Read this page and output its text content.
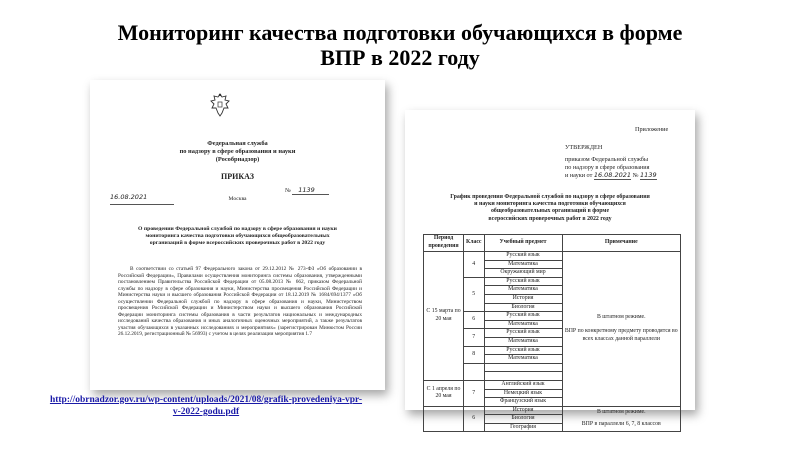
Мониторинг качества подготовки обучающихся в форме
ВПР в 2022 году
Федеральная служба
по надзору в сфере образования и науки
(Рособрнадзор)
ПРИКАЗ
16.08.2021
№ 1139
Москва
О проведении Федеральной службой по надзору в сфере образования и науки
мониторинга качества подготовки обучающихся общеобразовательных
организаций в форме всероссийских проверочных работ в 2022 году
В соответствии со статьей 97 Федерального закона от 29.12.2012 № 273-ФЗ «Об образовании в Российской Федерации», Правилами осуществления мониторинга системы образования, утвержденными постановлением Правительства Российской Федерации от 05.08.2013 № 662, приказом Федеральной службы по надзору в сфере образования и науки, Министерства просвещения Российской Федерации и Министерства науки и высшего образования Российской Федерации от 18.12.2019 № 1684/694/1377 «Об осуществлении Федеральной службой по надзору в сфере образования и науки, Министерством просвещения Российской Федерации и Министерством науки и высшего образования Российской Федерации мониторинга системы образования в части результатов национальных и международных исследований качества образования и иных аналогичных оценочных мероприятий, а также результатов участия обучающихся в указанных исследованиях и мероприятиях» (зарегистрирован Минюстом России 26.12.2019, регистрационный № 56993) с учетом в целях реализации мероприятия 1.7
Приложение
УТВЕРЖДЕН
приказом Федеральной службы
по надзору в сфере образования
и науки от 16.08.2021 № 1139
График проведения Федеральной службой по надзору в сфере образования
и науки мониторинга качества подготовки обучающихся
общеобразовательных организаций в форме
всероссийских проверочных работ в 2022 году
Период проведения	Класс	Учебный предмет	Примечание
С 15 марта по 20 мая	4	Русский язык	В штатном режиме.
ВПР по конкретному предмету проводятся во всех классах данной параллели

		Математика	
		Окружающий мир	
	5	Русский язык	
		Математика	
		История	
		Биология	
	6	Русский язык	
		Математика	
	7	Русский язык	
		Математика	
	8	Русский язык	
		Математика	

С 1 апреля по 20 мая	7	Английский язык	
		Немецкий язык	
		Французский язык	
	6	История	В штатном режиме.
ВПР в параллели 6, 7, 8 классов

		Биология	
		География	
http://obrnadzor.gov.ru/wp-content/uploads/2021/08/grafik-provedeniya-vpr-
v-2022-godu.pdf
